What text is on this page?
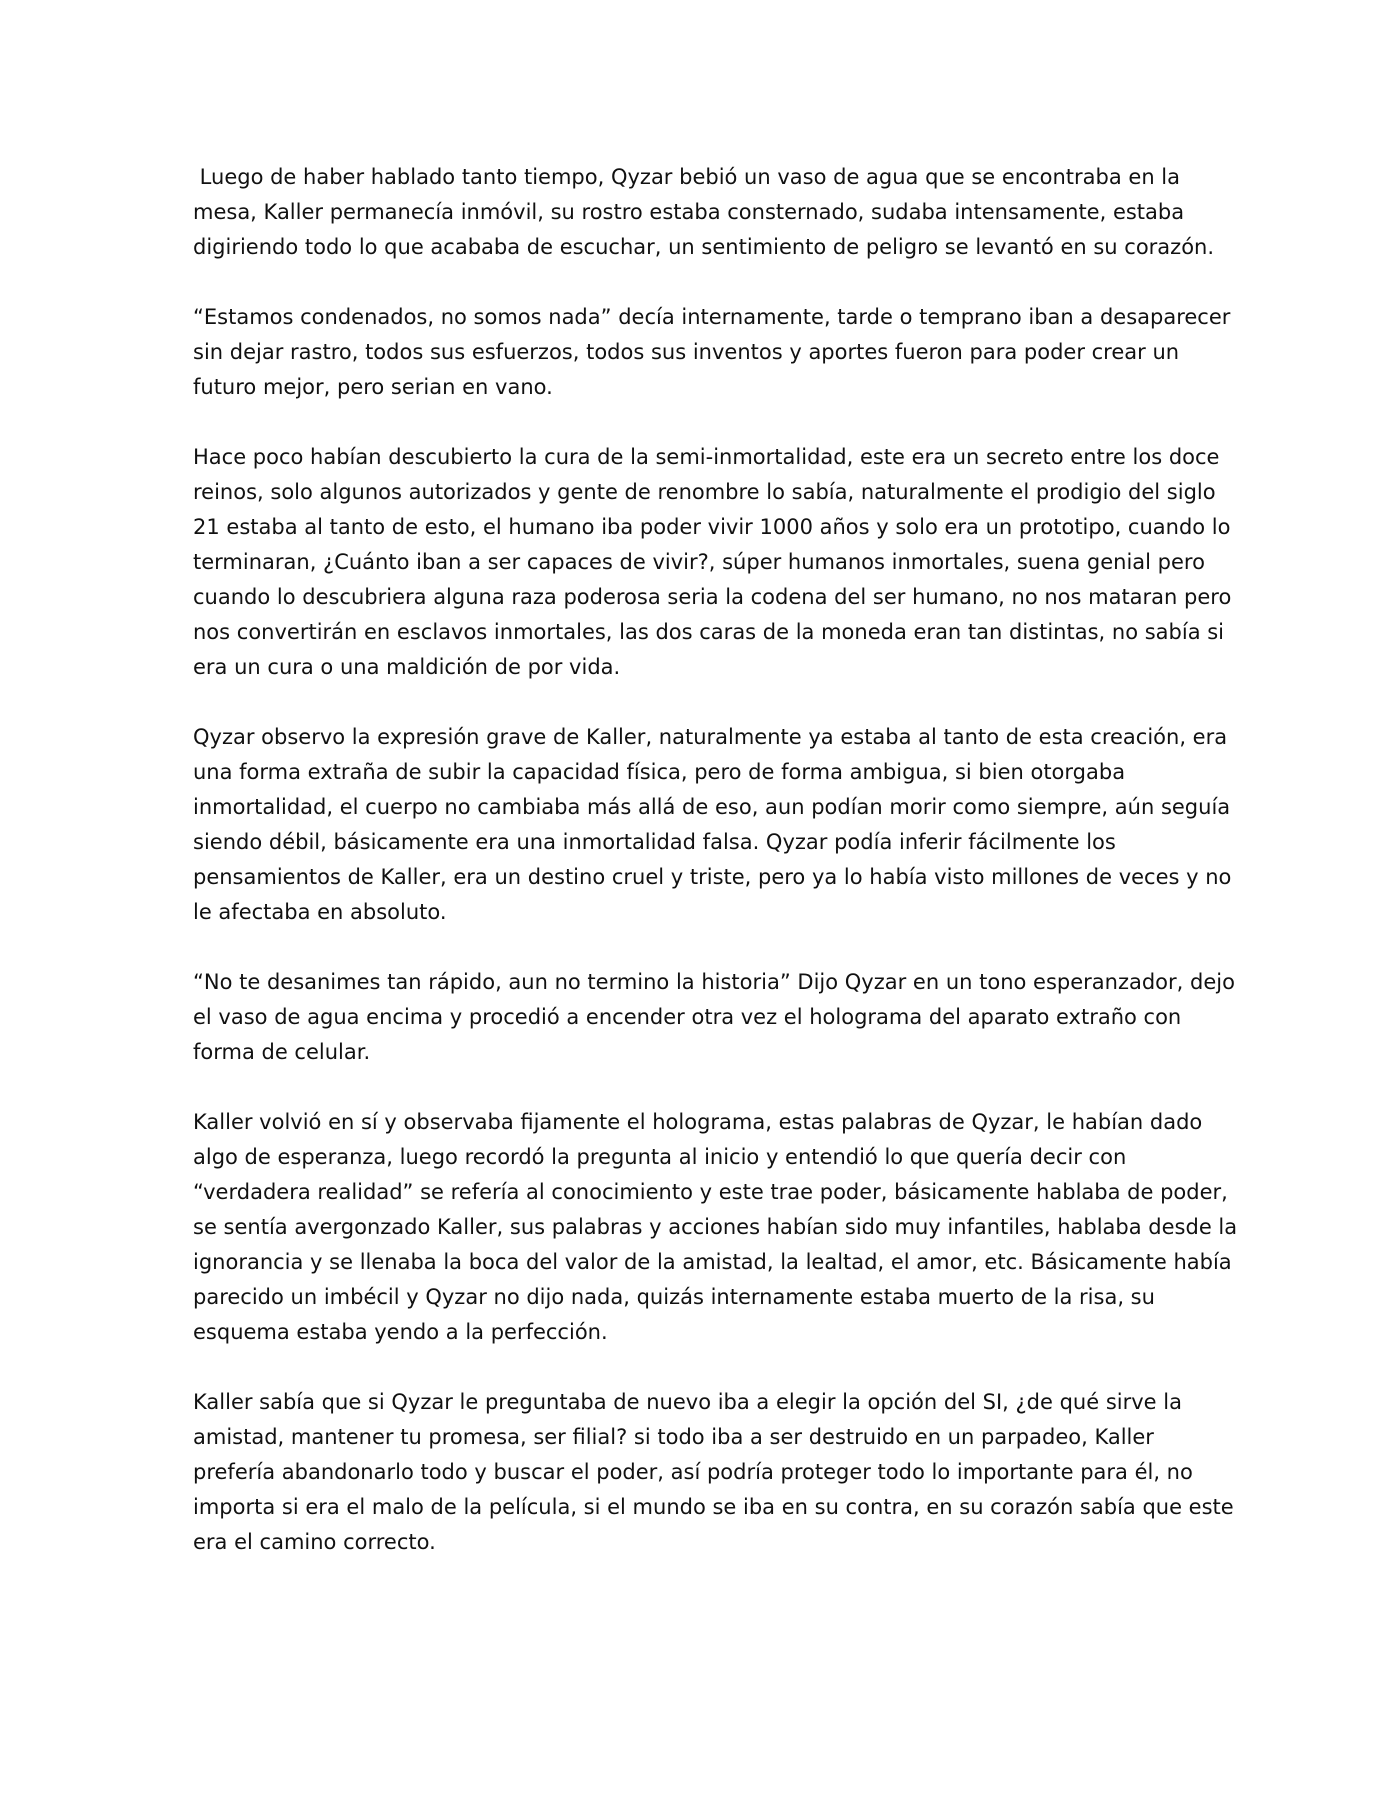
Luego de haber hablado tanto tiempo, Qyzar bebió un vaso de agua que se encontraba en la
mesa, Kaller permanecía inmóvil, su rostro estaba consternado, sudaba intensamente, estaba
digiriendo todo lo que acababa de escuchar, un sentimiento de peligro se levantó en su corazón.
“Estamos condenados, no somos nada” decía internamente, tarde o temprano iban a desaparecer
sin dejar rastro, todos sus esfuerzos, todos sus inventos y aportes fueron para poder crear un
futuro mejor, pero serian en vano.
Hace poco habían descubierto la cura de la semi-inmortalidad, este era un secreto entre los doce
reinos, solo algunos autorizados y gente de renombre lo sabía, naturalmente el prodigio del siglo
21 estaba al tanto de esto, el humano iba poder vivir 1000 años y solo era un prototipo, cuando lo
terminaran, ¿Cuánto iban a ser capaces de vivir?, súper humanos inmortales, suena genial pero
cuando lo descubriera alguna raza poderosa seria la codena del ser humano, no nos mataran pero
nos convertirán en esclavos inmortales, las dos caras de la moneda eran tan distintas, no sabía si
era un cura o una maldición de por vida.
Qyzar observo la expresión grave de Kaller, naturalmente ya estaba al tanto de esta creación, era
una forma extraña de subir la capacidad física, pero de forma ambigua, si bien otorgaba
inmortalidad, el cuerpo no cambiaba más allá de eso, aun podían morir como siempre, aún seguía
siendo débil, básicamente era una inmortalidad falsa. Qyzar podía inferir fácilmente los
pensamientos de Kaller, era un destino cruel y triste, pero ya lo había visto millones de veces y no
le afectaba en absoluto.
“No te desanimes tan rápido, aun no termino la historia” Dijo Qyzar en un tono esperanzador, dejo
el vaso de agua encima y procedió a encender otra vez el holograma del aparato extraño con
forma de celular.
Kaller volvió en sí y observaba fijamente el holograma, estas palabras de Qyzar, le habían dado
algo de esperanza, luego recordó la pregunta al inicio y entendió lo que quería decir con
“verdadera realidad” se refería al conocimiento y este trae poder, básicamente hablaba de poder,
se sentía avergonzado Kaller, sus palabras y acciones habían sido muy infantiles, hablaba desde la
ignorancia y se llenaba la boca del valor de la amistad, la lealtad, el amor, etc. Básicamente había
parecido un imbécil y Qyzar no dijo nada, quizás internamente estaba muerto de la risa, su
esquema estaba yendo a la perfección.
Kaller sabía que si Qyzar le preguntaba de nuevo iba a elegir la opción del SI, ¿de qué sirve la
amistad, mantener tu promesa, ser filial? si todo iba a ser destruido en un parpadeo, Kaller
prefería abandonarlo todo y buscar el poder, así podría proteger todo lo importante para él, no
importa si era el malo de la película, si el mundo se iba en su contra, en su corazón sabía que este
era el camino correcto.
